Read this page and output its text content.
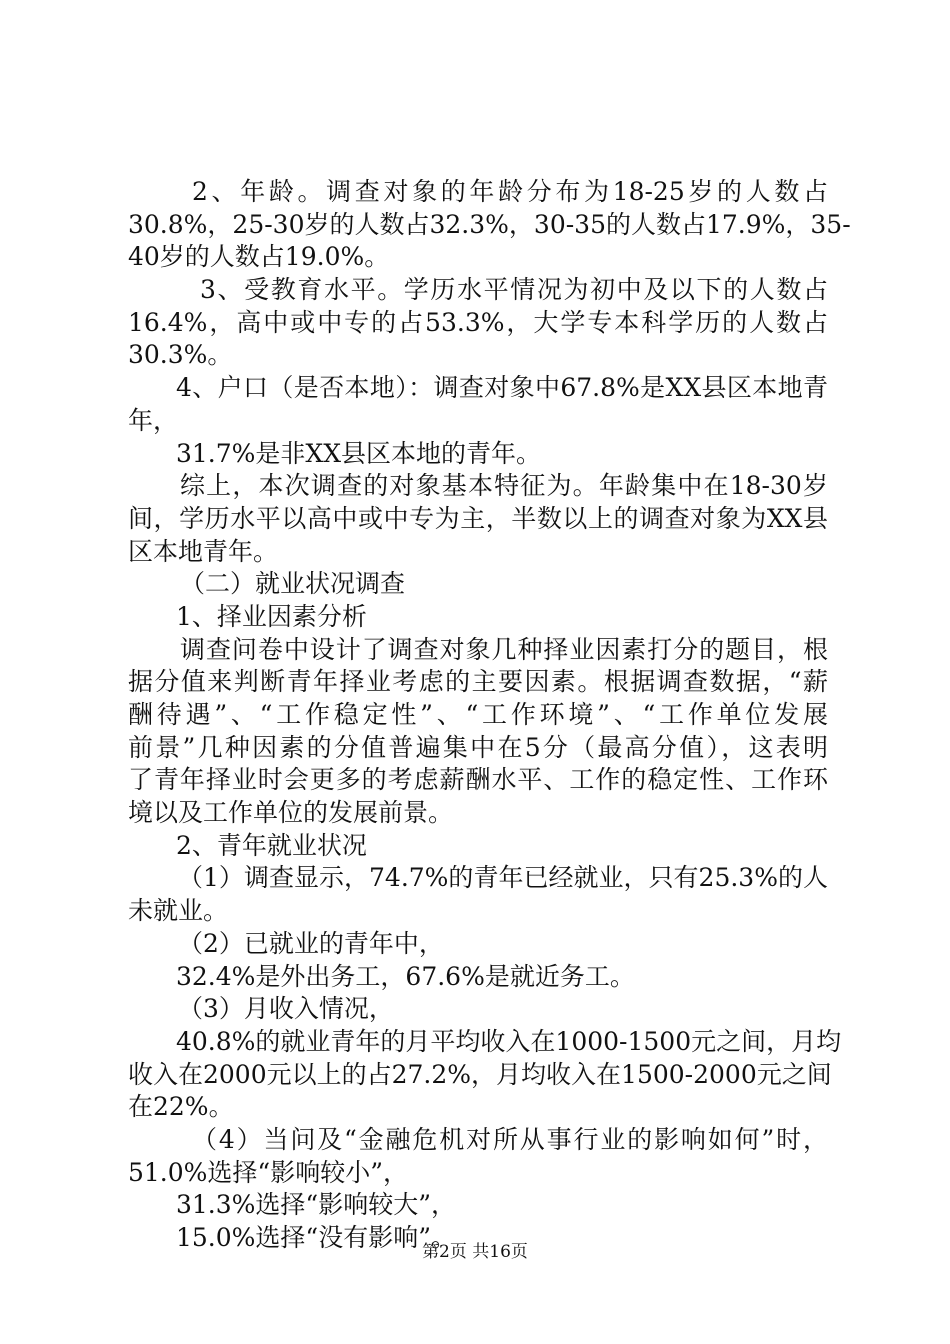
2、年龄。调查对象的年龄分布为18-25岁的人数占
30.8%，25-30岁的人数占32.3%，30-35的人数占17.9%，35-
40岁的人数占19.0%。
3、受教育水平。学历水平情况为初中及以下的人数占
16.4%，高中或中专的占53.3%，大学专本科学历的人数占
30.3%。
4、户口（是否本地）：调查对象中67.8%是XX县区本地青
年，
31.7%是非XX县区本地的青年。
综上，本次调查的对象基本特征为。年龄集中在18-30岁
间，学历水平以高中或中专为主，半数以上的调查对象为XX县
区本地青年。
（二）就业状况调查
1、择业因素分析
调查问卷中设计了调查对象几种择业因素打分的题目，根
据分值来判断青年择业考虑的主要因素。根据调查数据，“薪
酬待遇”、“工作稳定性”、“工作环境”、“工作单位发展
前景”几种因素的分值普遍集中在5分（最高分值），这表明
了青年择业时会更多的考虑薪酬水平、工作的稳定性、工作环
境以及工作单位的发展前景。
2、青年就业状况
（1）调查显示，74.7%的青年已经就业，只有25.3%的人
未就业。
（2）已就业的青年中，
32.4%是外出务工，67.6%是就近务工。
（3）月收入情况，
40.8%的就业青年的月平均收入在1000-1500元之间，月均
收入在2000元以上的占27.2%，月均收入在1500-2000元之间
在22%。
（4）当问及“金融危机对所从事行业的影响如何”时，
51.0%选择“影响较小”，
31.3%选择“影响较大”，
15.0%选择“没有影响”。
第2页 共16页
